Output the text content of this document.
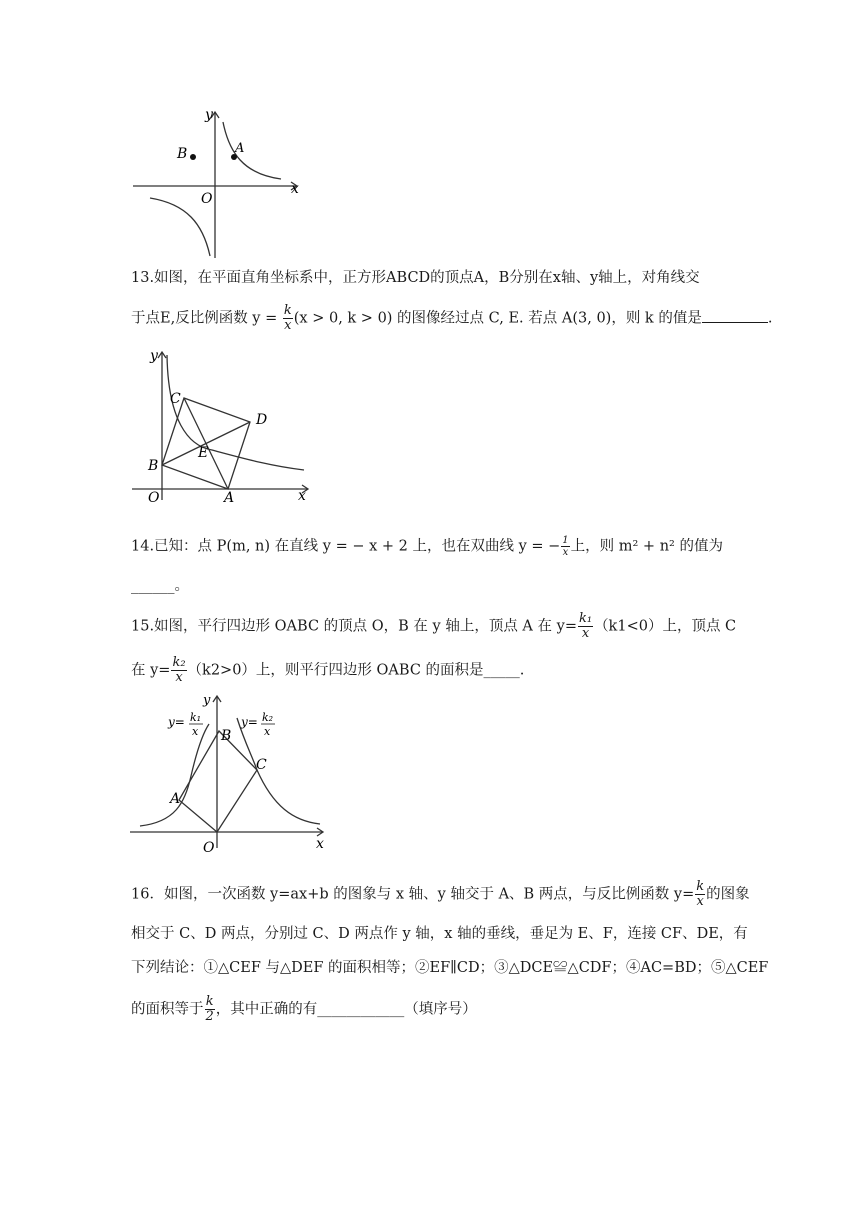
y
x
O
A
B
13.如图，在平面直角坐标系中，正方形ABCD的顶点A，B分别在x轴、y轴上，对角线交
于点E,反比例函数 $y = \frac{k}{x} (x > 0$, k > 0) 的图像经过点 C, E. 若点 A(3, 0)，则 k 的值是	.
y
x
O	A
B
C
D
E
14.已知：点 P(m, n) 在直线 y = − x + 2 上，也在双曲线 y = − $\frac{1}{x}$ 上，则 m² + n² 的值为
______。
15.如图，平行四边形 OABC 的顶点 O，B 在 y 轴上，顶点 A 在 $y= \frac{\text{k₁}}{x} (k1<0)$上，顶点 C
在 $y= \frac{\text{k₂}}{x} (k2>0)$上，则平行四边形 OABC 的面积是_____.
y
x
O
A
B
C
y= k₁
x
y= k₂
x
16．如图，一次函数 y=ax+b 的图象与 x 轴、y 轴交于 A、B 两点，与反比例函数 $y= \frac{k}{x}$ 的图象
相交于 C、D 两点，分别过 C、D 两点作 y 轴，x 轴的垂线，垂足为 E、F，连接 CF、DE，有
下列结论：①△CEF 与△DEF 的面积相等；②EF∥CD；③△DCE≌△CDF；④AC=BD；⑤△CEF
的面积等于 $\frac{k}{2}$ ，其中正确的有____________（填序号）
